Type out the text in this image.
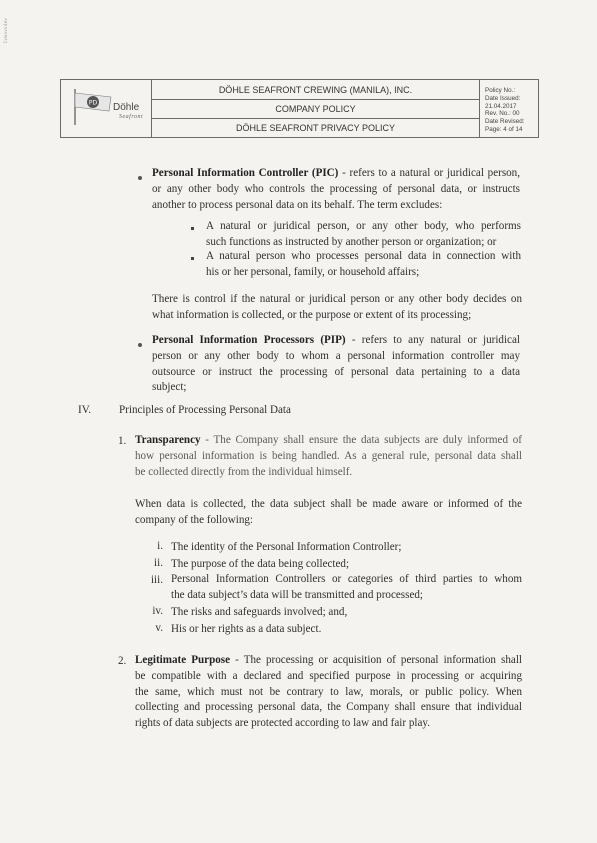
1vwvvv4ev
PD Döhle
Seafront
DÖHLE SEAFRONT CREWING (MANILA), INC.
COMPANY POLICY
DÖHLE SEAFRONT PRIVACY POLICY
Policy No.:
Date Issued: 21.04.2017
Rev. No.: 00
Date Revised:
Page: 4 of 14
Personal Information Controller (PIC) - refers to a natural or juridical person,
or any other body who controls the processing of personal data, or instructs
another to process personal data on its behalf. The term excludes:
A natural or juridical person, or any other body, who performs
such functions as instructed by another person or organization; or
A natural person who processes personal data in connection with
his or her personal, family, or household affairs;
There is control if the natural or juridical person or any other body decides on
what information is collected, or the purpose or extent of its processing;
Personal Information Processors (PIP) - refers to any natural or juridical
person or any other body to whom a personal information controller may
outsource or instruct the processing of personal data pertaining to a data
subject;
IV.	Principles of Processing Personal Data
1. Transparency - The Company shall ensure the data subjects are duly informed of
how personal information is being handled. As a general rule, personal data shall
be collected directly from the individual himself.
When data is collected, the data subject shall be made aware or informed of the
company of the following:
i. The identity of the Personal Information Controller;
ii. The purpose of the data being collected;
iii. Personal Information Controllers or categories of third parties to whom
the data subject’s data will be transmitted and processed;
iv. The risks and safeguards involved; and,
v. His or her rights as a data subject.
2. Legitimate Purpose - The processing or acquisition of personal information shall
be compatible with a declared and specified purpose in processing or acquiring
the same, which must not be contrary to law, morals, or public policy. When
collecting and processing personal data, the Company shall ensure that individual
rights of data subjects are protected according to law and fair play.
